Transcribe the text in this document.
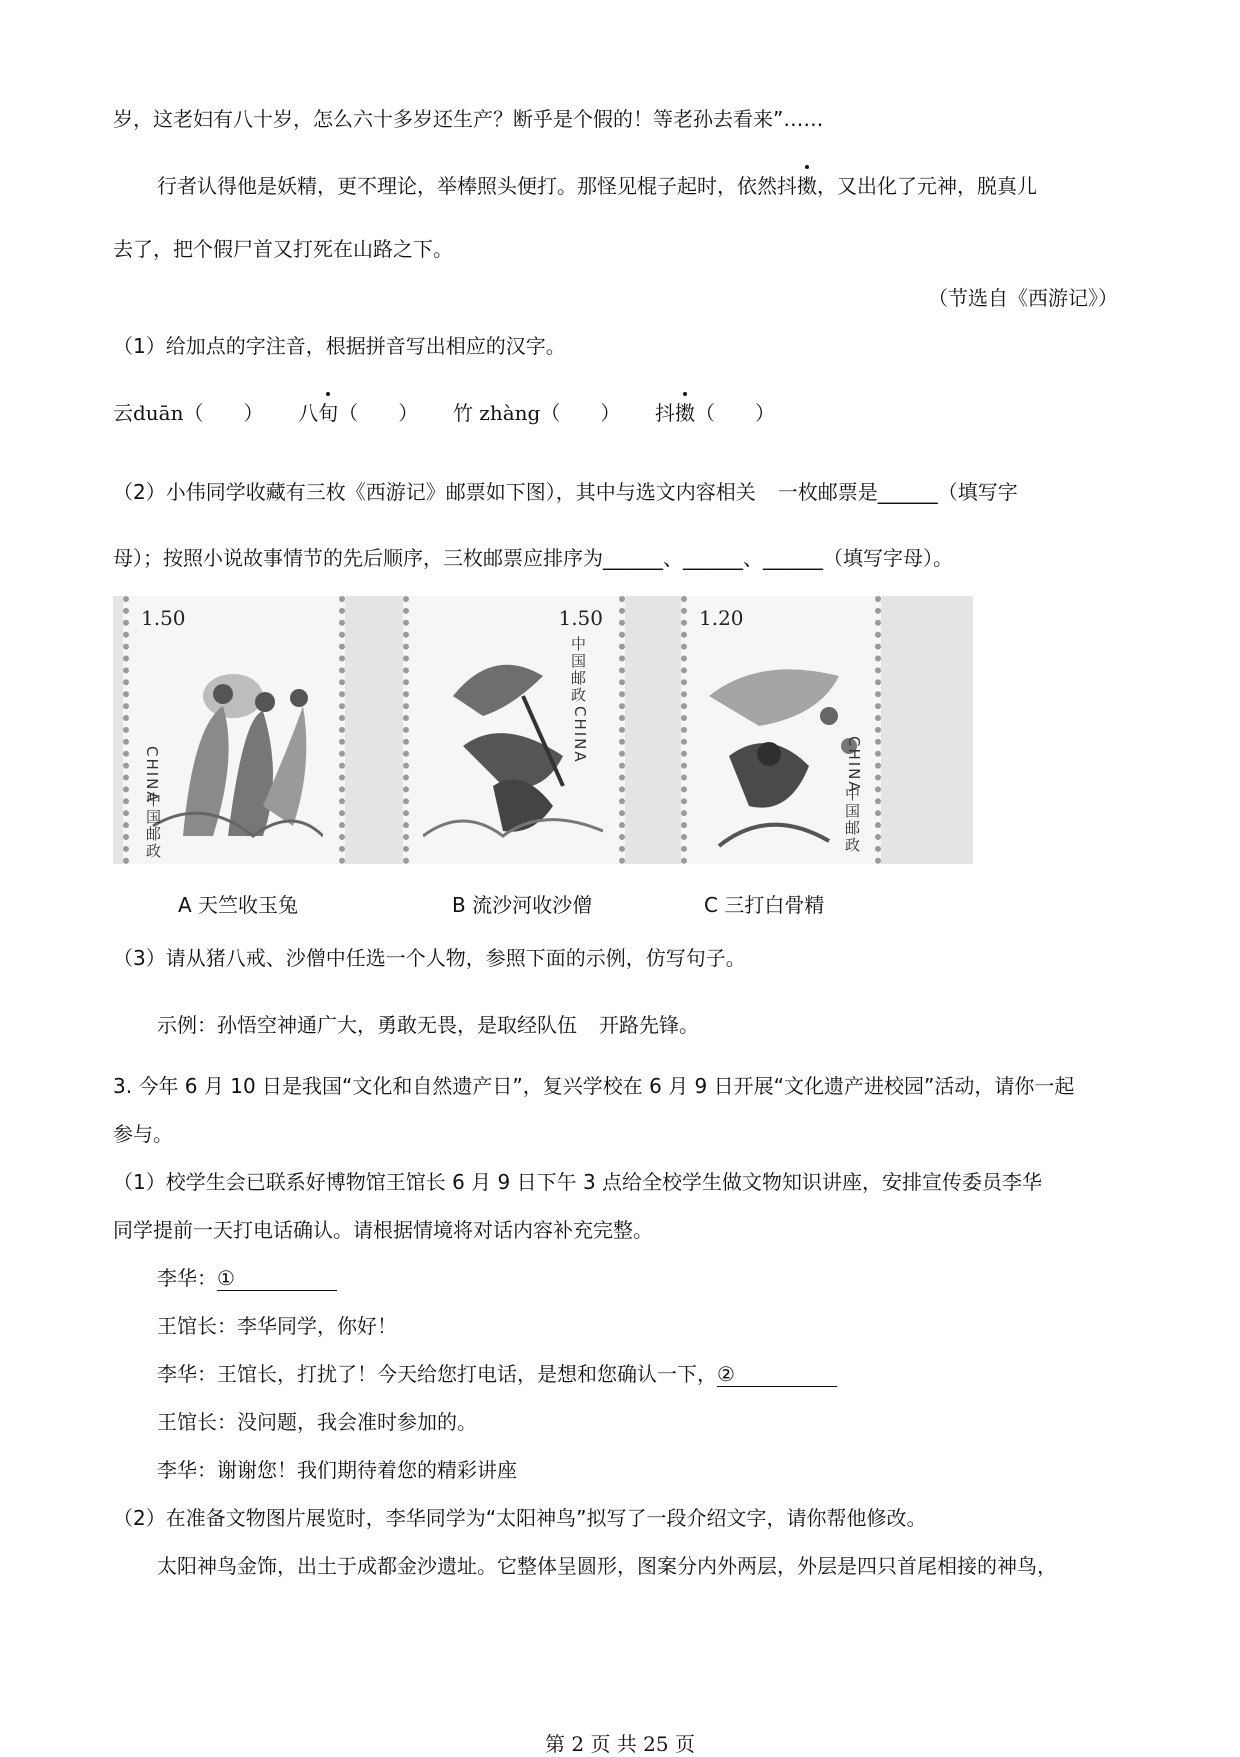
岁，这老妇有八十岁，怎么六十多岁还生产？断乎是个假的！等老孙去看来”……
行者认得他是妖精，更不理论，举棒照头便打。那怪见棍子起时，依然抖擞，又出化了元神，脱真儿
去了，把个假尸首又打死在山路之下。
（节选自《西游记》）
（1）给加点的字注音，根据拼音写出相应的汉字。
云duān（　　） 八旬（　　） 竹 zhàng（　　） 抖擞（　　）
（2）小伟同学收藏有三枚《西游记》邮票如下图），其中与选文内容相关 一枚邮票是______（填写字
母）；按照小说故事情节的先后顺序，三枚邮票应排序为______、______、______（填写字母）。
1.50
CHINA
中国邮政
1.50
中国邮政
CHINA
1.20
CHINA
中国邮政
A 天竺收玉兔	B 流沙河收沙僧	C 三打白骨精
（3）请从猪八戒、沙僧中任选一个人物，参照下面的示例，仿写句子。
示例：孙悟空神通广大，勇敢无畏，是取经队伍 开路先锋。
3. 今年 6 月 10 日是我国“文化和自然遗产日”，复兴学校在 6 月 9 日开展“文化遗产进校园”活动，请你一起
参与。
（1）校学生会已联系好博物馆王馆长 6 月 9 日下午 3 点给全校学生做文物知识讲座，安排宣传委员李华
同学提前一天打电话确认。请根据情境将对话内容补充完整。
李华：①
王馆长：李华同学，你好！
李华：王馆长，打扰了！今天给您打电话，是想和您确认一下，②
王馆长：没问题，我会准时参加的。
李华：谢谢您！我们期待着您的精彩讲座
（2）在准备文物图片展览时，李华同学为“太阳神鸟”拟写了一段介绍文字，请你帮他修改。
太阳神鸟金饰，出土于成都金沙遗址。它整体呈圆形，图案分内外两层，外层是四只首尾相接的神鸟，
第 2 页 共 25 页
